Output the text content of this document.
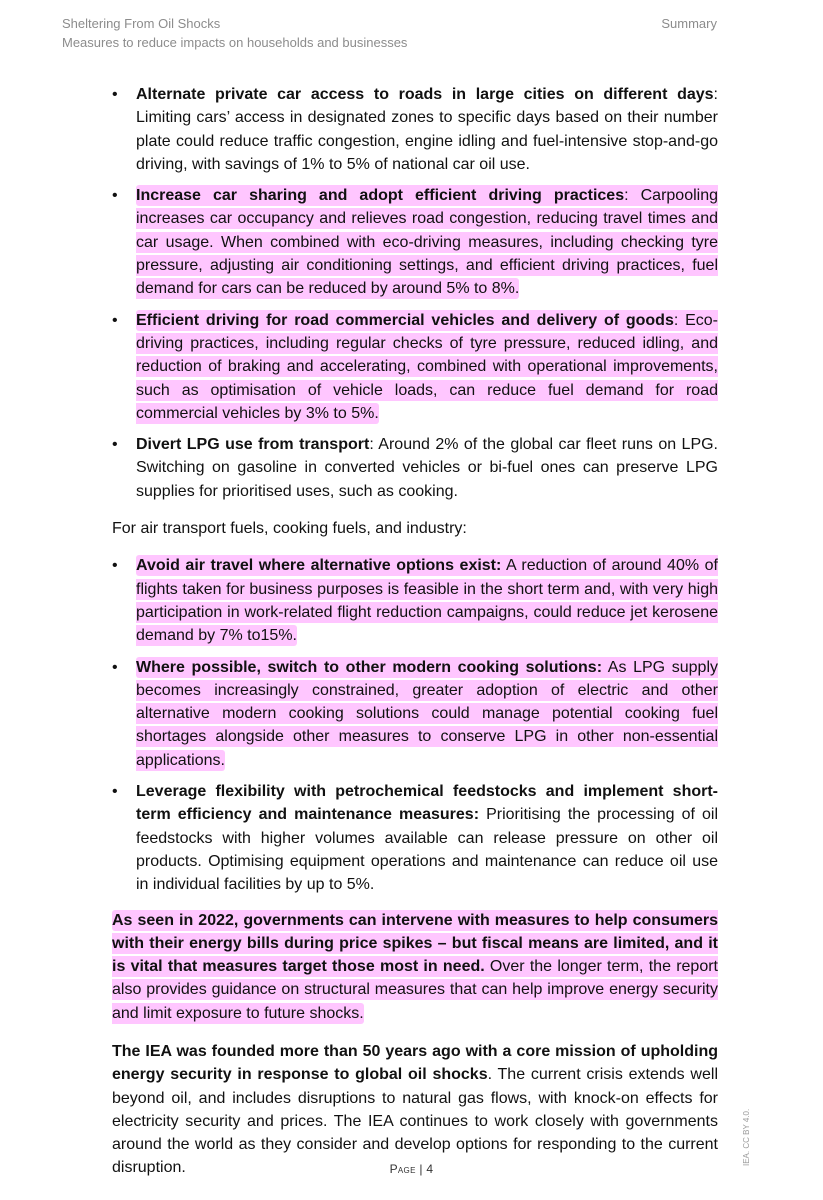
Sheltering From Oil Shocks
Measures to reduce impacts on households and businesses
Summary
• Alternate private car access to roads in large cities on different days: Limiting cars’ access in designated zones to specific days based on their number plate could reduce traffic congestion, engine idling and fuel-intensive stop-and-go driving, with savings of 1% to 5% of national car oil use.
• Increase car sharing and adopt efficient driving practices: Carpooling increases car occupancy and relieves road congestion, reducing travel times and car usage. When combined with eco-driving measures, including checking tyre pressure, adjusting air conditioning settings, and efficient driving practices, fuel demand for cars can be reduced by around 5% to 8%.
• Efficient driving for road commercial vehicles and delivery of goods: Eco-driving practices, including regular checks of tyre pressure, reduced idling, and reduction of braking and accelerating, combined with operational improvements, such as optimisation of vehicle loads, can reduce fuel demand for road commercial vehicles by 3% to 5%.
• Divert LPG use from transport: Around 2% of the global car fleet runs on LPG. Switching on gasoline in converted vehicles or bi-fuel ones can preserve LPG supplies for prioritised uses, such as cooking.
For air transport fuels, cooking fuels, and industry:
• Avoid air travel where alternative options exist: A reduction of around 40% of flights taken for business purposes is feasible in the short term and, with very high participation in work-related flight reduction campaigns, could reduce jet kerosene demand by 7% to15%.
• Where possible, switch to other modern cooking solutions: As LPG supply becomes increasingly constrained, greater adoption of electric and other alternative modern cooking solutions could manage potential cooking fuel shortages alongside other measures to conserve LPG in other non-essential applications.
• Leverage flexibility with petrochemical feedstocks and implement short-term efficiency and maintenance measures: Prioritising the processing of oil feedstocks with higher volumes available can release pressure on other oil products. Optimising equipment operations and maintenance can reduce oil use in individual facilities by up to 5%.

As seen in 2022, governments can intervene with measures to help consumers with their energy bills during price spikes – but fiscal means are limited, and it is vital that measures target those most in need. Over the longer term, the report also provides guidance on structural measures that can help improve energy security and limit exposure to future shocks.

The IEA was founded more than 50 years ago with a core mission of upholding energy security in response to global oil shocks. The current crisis extends well beyond oil, and includes disruptions to natural gas flows, with knock-on effects for electricity security and prices. The IEA continues to work closely with governments around the world as they consider and develop options for responding to the current disruption.	Page | 4
IEA. CC BY 4.0.
